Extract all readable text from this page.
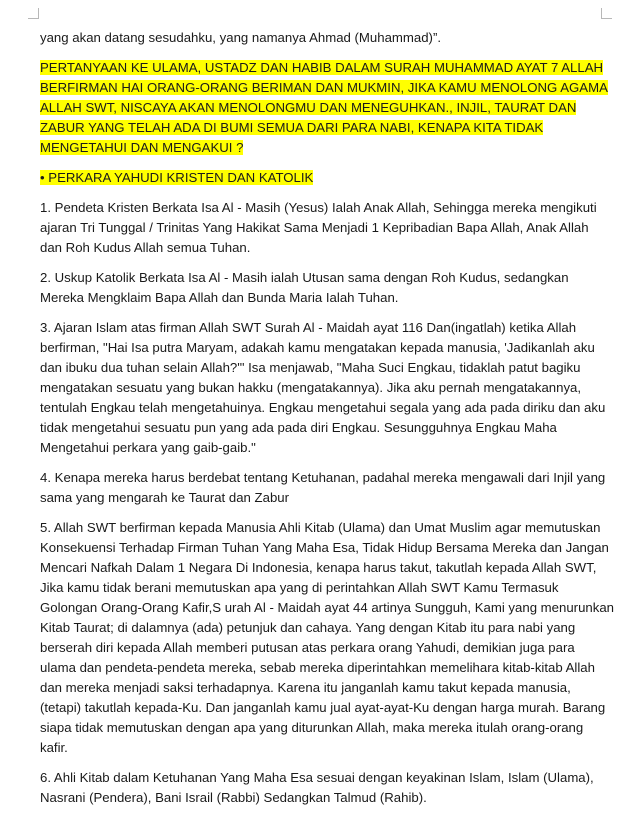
yang akan datang sesudahku, yang namanya Ahmad (Muhammad)”.

PERTANYAAN KE ULAMA, USTADZ DAN HABIB DALAM SURAH MUHAMMAD AYAT 7 ALLAH BERFIRMAN HAI ORANG-ORANG BERIMAN DAN MUKMIN, JIKA KAMU MENOLONG AGAMA ALLAH SWT, NISCAYA AKAN MENOLONGMU DAN MENEGUHKAN., INJIL, TAURAT DAN ZABUR YANG TELAH ADA DI BUMI SEMUA DARI PARA NABI, KENAPA KITA TIDAK MENGETAHUI DAN MENGAKUI ?

• PERKARA YAHUDI KRISTEN DAN KATOLIK

1. Pendeta Kristen Berkata Isa Al - Masih (Yesus) Ialah Anak Allah, Sehingga mereka mengikuti ajaran Tri Tunggal / Trinitas Yang Hakikat Sama Menjadi 1 Kepribadian Bapa Allah, Anak Allah dan Roh Kudus Allah semua Tuhan.

2. Uskup Katolik Berkata Isa Al - Masih ialah Utusan sama dengan Roh Kudus, sedangkan Mereka Mengklaim Bapa Allah dan Bunda Maria Ialah Tuhan.

3. Ajaran Islam atas firman Allah SWT Surah Al - Maidah ayat 116 Dan(ingatlah) ketika Allah berfirman, "Hai Isa putra Maryam, adakah kamu mengatakan kepada manusia, 'Jadikanlah aku dan ibuku dua tuhan selain Allah?'" Isa menjawab, "Maha Suci Engkau, tidaklah patut bagiku mengatakan sesuatu yang bukan hakku (mengatakannya). Jika aku pernah mengatakannya, tentulah Engkau telah mengetahuinya. Engkau mengetahui segala yang ada pada diriku dan aku tidak mengetahui sesuatu pun yang ada pada diri Engkau. Sesungguhnya Engkau Maha Mengetahui perkara yang gaib-gaib."

4. Kenapa mereka harus berdebat tentang Ketuhanan, padahal mereka mengawali dari Injil yang sama yang mengarah ke Taurat dan Zabur

5. Allah SWT berfirman kepada Manusia Ahli Kitab (Ulama) dan Umat Muslim agar memutuskan Konsekuensi Terhadap Firman Tuhan Yang Maha Esa, Tidak Hidup Bersama Mereka dan Jangan Mencari Nafkah Dalam 1 Negara Di Indonesia, kenapa harus takut, takutlah kepada Allah SWT, Jika kamu tidak berani memutuskan apa yang di perintahkan Allah SWT Kamu Termasuk Golongan Orang-Orang Kafir,S urah Al - Maidah ayat 44 artinya Sungguh, Kami yang menurunkan Kitab Taurat; di dalamnya (ada) petunjuk dan cahaya. Yang dengan Kitab itu para nabi yang berserah diri kepada Allah memberi putusan atas perkara orang Yahudi, demikian juga para ulama dan pendeta-pendeta mereka, sebab mereka diperintahkan memelihara kitab-kitab Allah dan mereka menjadi saksi terhadapnya. Karena itu janganlah kamu takut kepada manusia, (tetapi) takutlah kepada-Ku. Dan janganlah kamu jual ayat-ayat-Ku dengan harga murah. Barang siapa tidak memutuskan dengan apa yang diturunkan Allah, maka mereka itulah orang-orang kafir.

6. Ahli Kitab dalam Ketuhanan Yang Maha Esa sesuai dengan keyakinan Islam, Islam (Ulama), Nasrani (Pendera), Bani Israil (Rabbi) Sedangkan Talmud (Rahib).
